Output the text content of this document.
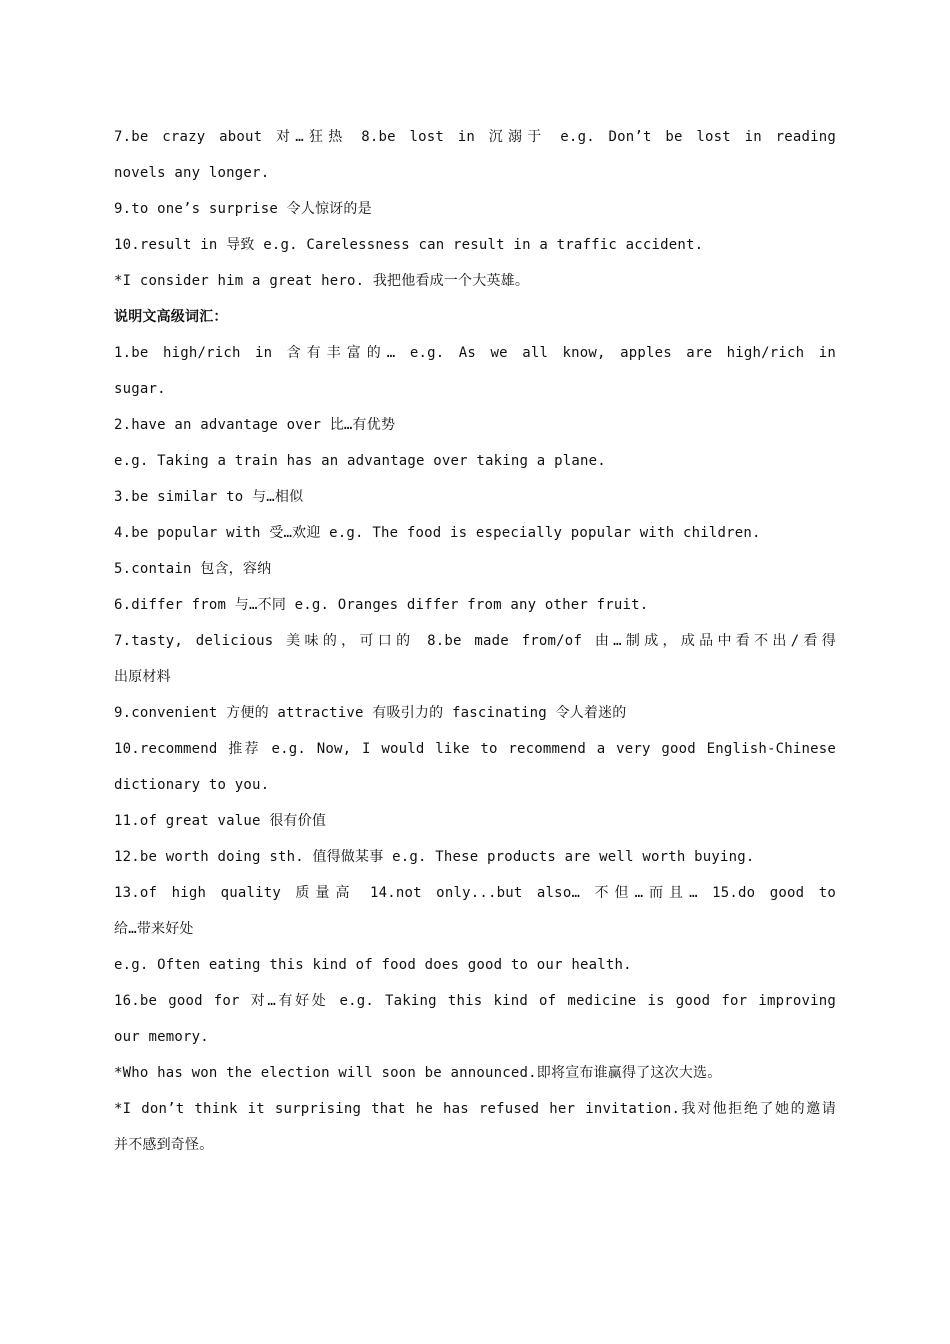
7.be crazy about 对…狂热 8.be lost in 沉溺于 e.g. Don’t be lost in reading
novels any longer.
9.to one’s surprise 令人惊讶的是
10.result in 导致 e.g. Carelessness can result in a traffic accident.
*I consider him a great hero. 我把他看成一个大英雄。
说明文高级词汇：
1.be high/rich in 含有丰富的… e.g. As we all know, apples are high/rich in
sugar.
2.have an advantage over 比…有优势
e.g. Taking a train has an advantage over taking a plane.
3.be similar to 与…相似
4.be popular with 受…欢迎 e.g. The food is especially popular with children.
5.contain 包含，容纳
6.differ from 与…不同 e.g. Oranges differ from any other fruit.
7.tasty, delicious 美味的，可口的 8.be made from/of 由…制成，成品中看不出/看得
出原材料
9.convenient 方便的 attractive 有吸引力的 fascinating 令人着迷的
10.recommend 推荐 e.g. Now, I would like to recommend a very good English-Chinese
dictionary to you.
11.of great value 很有价值
12.be worth doing sth. 值得做某事 e.g. These products are well worth buying.
13.of high quality 质量高 14.not only...but also… 不但…而且… 15.do good to
给…带来好处
e.g. Often eating this kind of food does good to our health.
16.be good for 对…有好处 e.g. Taking this kind of medicine is good for improving
our memory.
*Who has won the election will soon be announced.即将宣布谁赢得了这次大选。
*I don’t think it surprising that he has refused her invitation.我对他拒绝了她的邀请
并不感到奇怪。
